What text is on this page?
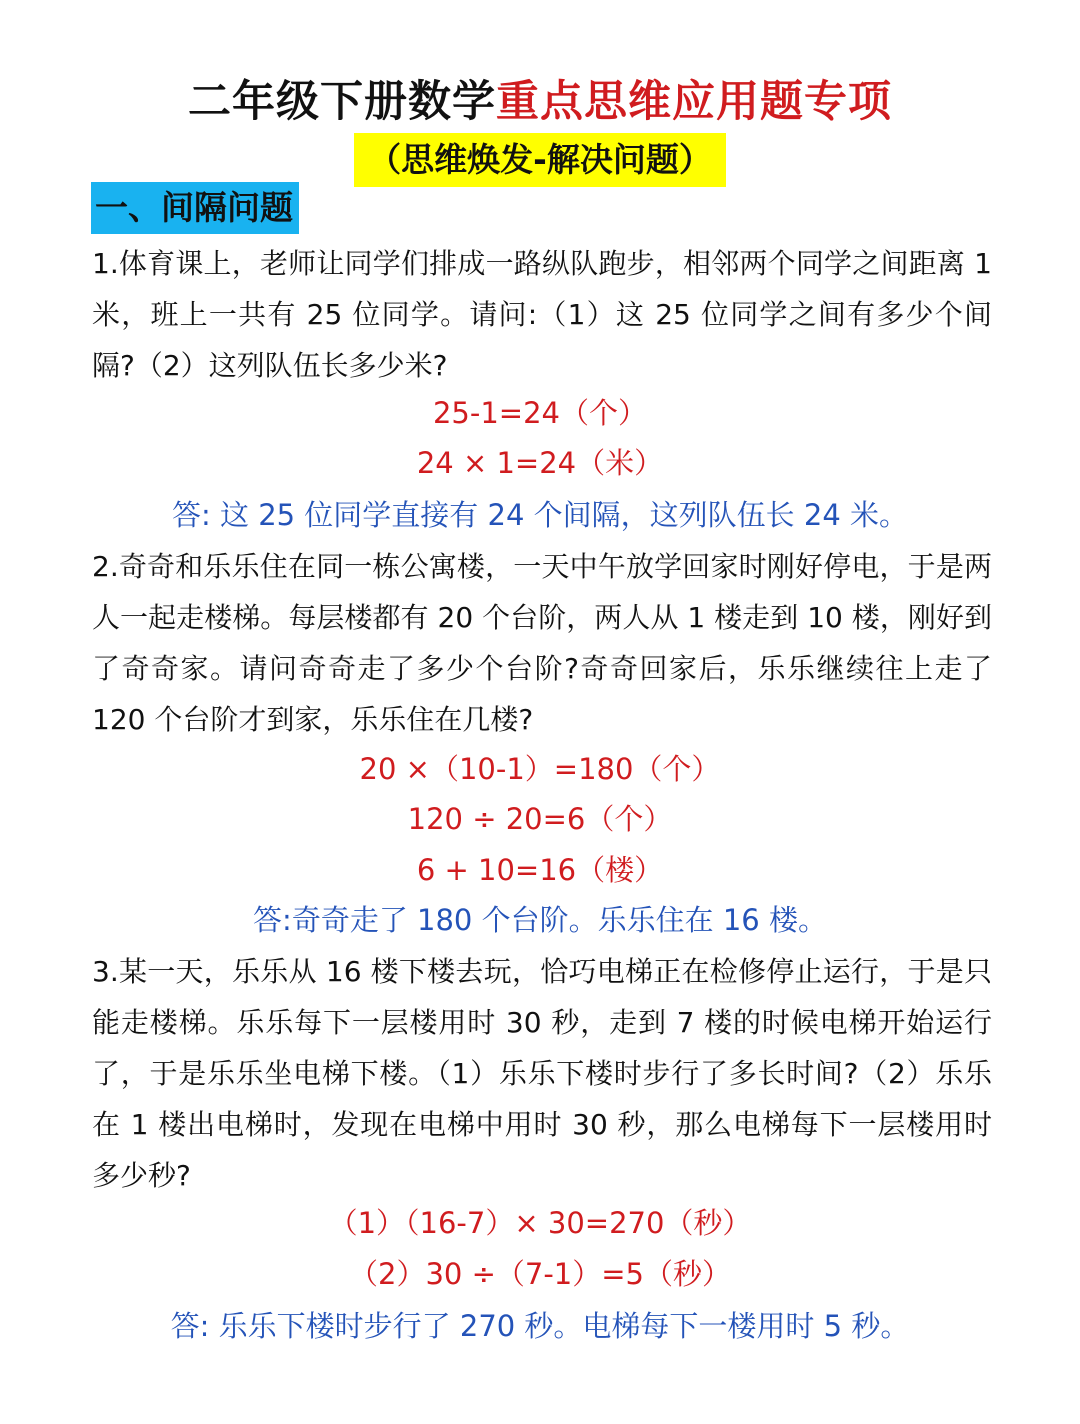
二年级下册数学重点思维应用题专项
（思维焕发-解决问题）
一、间隔问题
1.体育课上，老师让同学们排成一路纵队跑步，相邻两个同学之间距离 1 米，班上一共有 25 位同学。请问:（1）这 25 位同学之间有多少个间隔?（2）这列队伍长多少米?
25-1=24（个）
24 × 1=24（米）
答: 这 25 位同学直接有 24 个间隔，这列队伍长 24 米。
2.奇奇和乐乐住在同一栋公寓楼，一天中午放学回家时刚好停电，于是两人一起走楼梯。每层楼都有 20 个台阶，两人从 1 楼走到 10 楼，刚好到了奇奇家。请问奇奇走了多少个台阶?奇奇回家后，乐乐继续往上走了 120 个台阶才到家，乐乐住在几楼?
20 ×（10-1）=180（个）
120 ÷ 20=6（个）
6 + 10=16（楼）
答:奇奇走了 180 个台阶。乐乐住在 16 楼。
3.某一天，乐乐从 16 楼下楼去玩，恰巧电梯正在检修停止运行，于是只能走楼梯。乐乐每下一层楼用时 30 秒，走到 7 楼的时候电梯开始运行了，于是乐乐坐电梯下楼。（1）乐乐下楼时步行了多长时间?（2）乐乐在 1 楼出电梯时，发现在电梯中用时 30 秒，那么电梯每下一层楼用时多少秒?
（1）（16-7）× 30=270（秒）
（2）30 ÷（7-1）=5（秒）
答: 乐乐下楼时步行了 270 秒。电梯每下一楼用时 5 秒。
